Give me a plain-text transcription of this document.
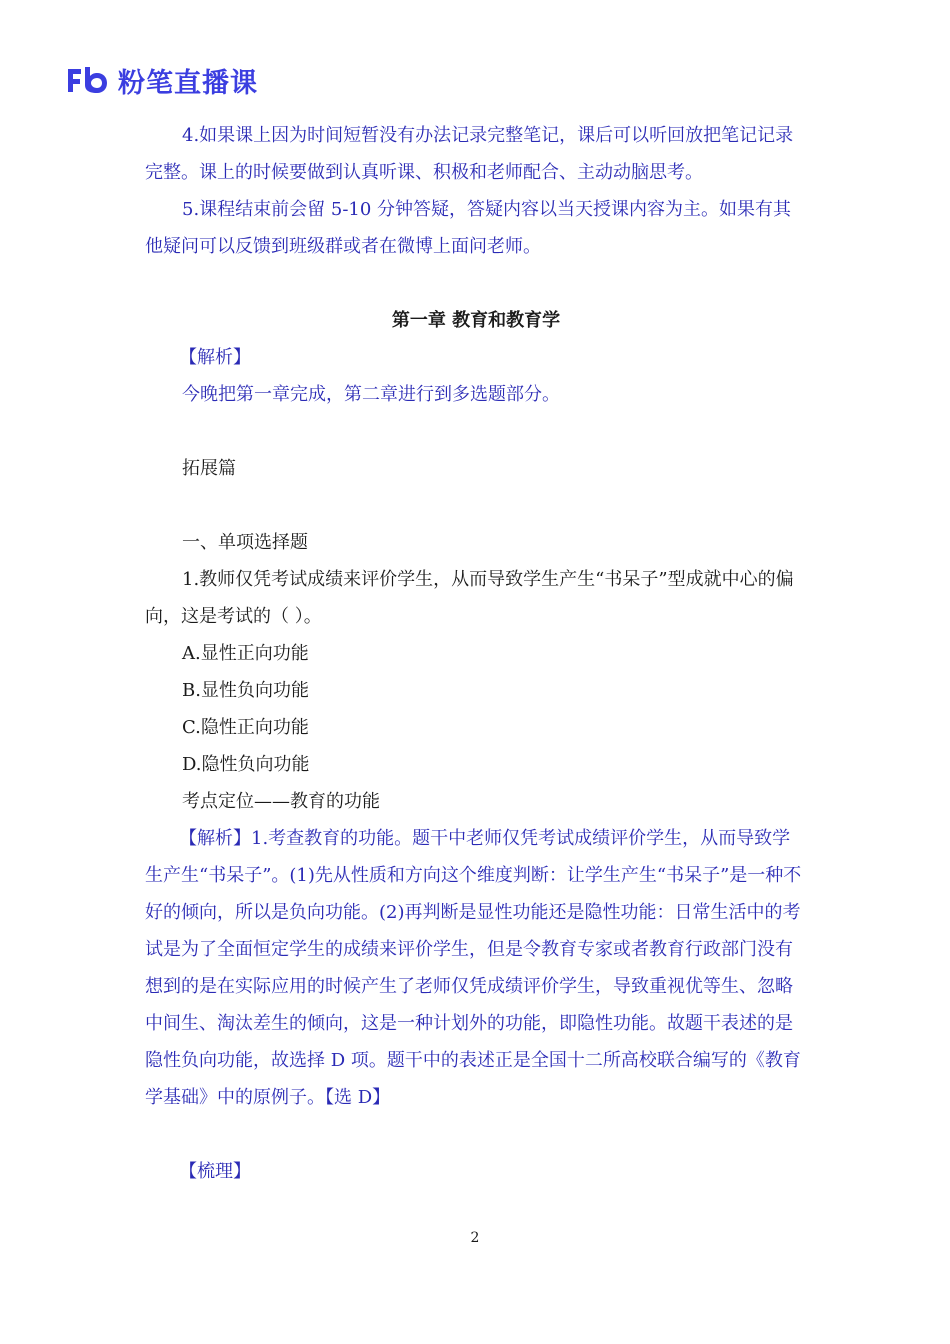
粉笔直播课

4.如果课上因为时间短暂没有办法记录完整笔记，课后可以听回放把笔记记录完整。课上的时候要做到认真听课、积极和老师配合、主动动脑思考。

5.课程结束前会留 5-10 分钟答疑，答疑内容以当天授课内容为主。如果有其他疑问可以反馈到班级群或者在微博上面问老师。

第一章 教育和教育学

【解析】

今晚把第一章完成，第二章进行到多选题部分。

拓展篇

一、单项选择题

1.教师仅凭考试成绩来评价学生，从而导致学生产生“书呆子”型成就中心的偏向，这是考试的（ ）。

A.显性正向功能

B.显性负向功能

C.隐性正向功能

D.隐性负向功能

考点定位——教育的功能

【解析】1.考查教育的功能。题干中老师仅凭考试成绩评价学生，从而导致学生产生“书呆子”。(1)先从性质和方向这个维度判断：让学生产生“书呆子”是一种不好的倾向，所以是负向功能。(2)再判断是显性功能还是隐性功能：日常生活中的考试是为了全面恒定学生的成绩来评价学生，但是令教育专家或者教育行政部门没有想到的是在实际应用的时候产生了老师仅凭成绩评价学生，导致重视优等生、忽略中间生、淘汰差生的倾向，这是一种计划外的功能，即隐性功能。故题干表述的是隐性负向功能，故选择 D 项。题干中的表述正是全国十二所高校联合编写的《教育学基础》中的原例子。【选 D】

【梳理】

2
